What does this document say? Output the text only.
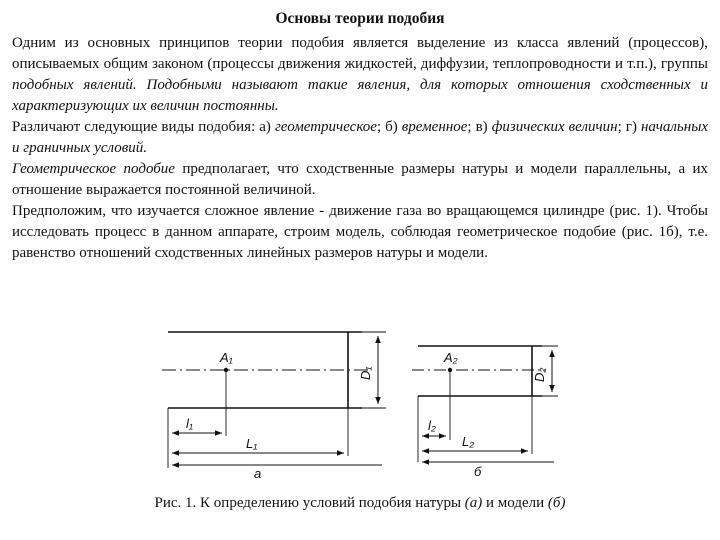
Основы теории подобия

Одним из основных принципов теории подобия является выделение из класса явлений (процессов), описываемых общим законом (процессы движения жидкостей, диффузии, теплопроводности и т.п.), группы подобных явлений. Подобными называют такие явления, для которых отношения сходственных и характеризующих их величин постоянны.

Различают следующие виды подобия: а) геометрическое; б) временное; в) физических величин; г) начальных и граничных условий.

Геометрическое подобие предполагает, что сходственные размеры натуры и модели параллельны, а их отношение выражается постоянной величиной.

Предположим, что изучается сложное явление - движение газа во вращающемся цилиндре (рис. 1). Чтобы исследовать процесс в данном аппарате, строим модель, соблюдая геометрическое подобие (рис. 1б), т.е. равенство отношений сходственных линейных размеров натуры и модели.

A₁
D₁
l₁
L₁
а
A₂
D₂
l₂
L₂
б
Рис. 1. К определению условий подобия натуры (а) и модели (б)
